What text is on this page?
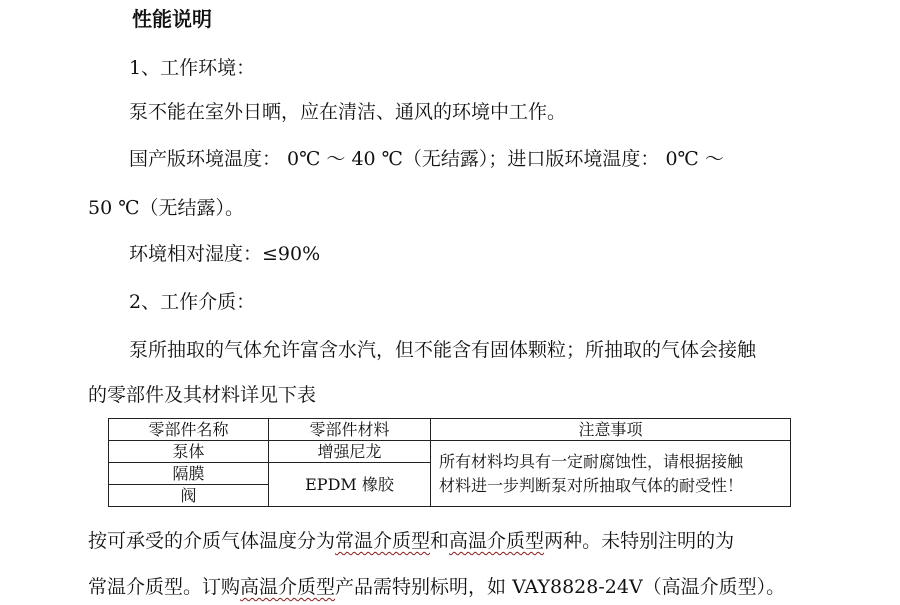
性能说明
1、工作环境：
泵不能在室外日晒，应在清洁、通风的环境中工作。
国产版环境温度： 0℃ ～ 40 ℃（无结露）；进口版环境温度： 0℃ ～
50 ℃（无结露）。
环境相对湿度：≤90%
2、工作介质：
泵所抽取的气体允许富含水汽，但不能含有固体颗粒；所抽取的气体会接触
的零部件及其材料详见下表
零部件名称	零部件材料	注意事项
泵体	增强尼龙	所有材料均具有一定耐腐蚀性，请根据接触
材料进一步判断泵对所抽取气体的耐受性！

隔膜	EPDM 橡胶	
阀		
按可承受的介质气体温度分为常温介质型和高温介质型两种。未特别注明的为
常温介质型。订购高温介质型产品需特别标明，如 VAY8828-24V（高温介质型）。
